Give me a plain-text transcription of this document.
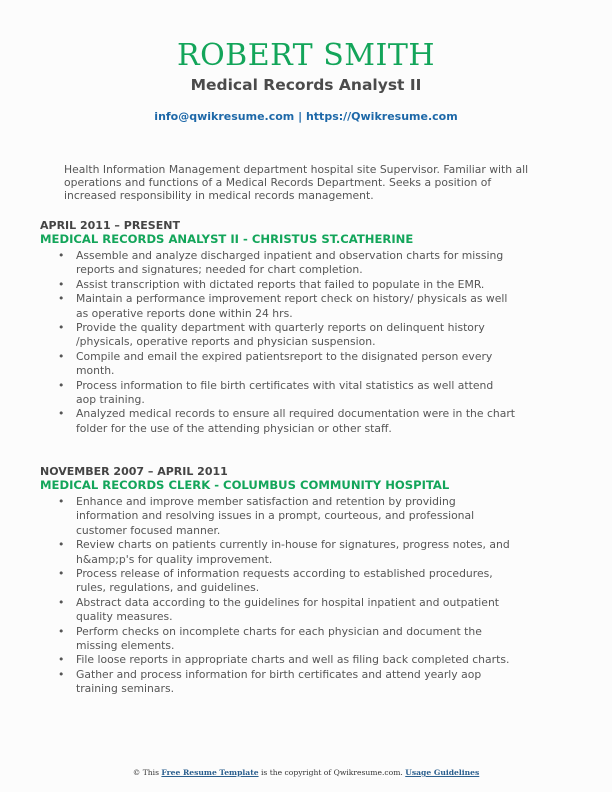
ROBERT SMITH
Medical Records Analyst II
info@qwikresume.com | https://Qwikresume.com
Health Information Management department hospital site Supervisor. Familiar with all operations and functions of a Medical Records Department. Seeks a position of increased responsibility in medical records management.
APRIL 2011 – PRESENT
MEDICAL RECORDS ANALYST II - CHRISTUS ST.CATHERINE
• Assemble and analyze discharged inpatient and observation charts for missing reports and signatures; needed for chart completion.
• Assist transcription with dictated reports that failed to populate in the EMR.
• Maintain a performance improvement report check on history/ physicals as well as operative reports done within 24 hrs.
• Provide the quality department with quarterly reports on delinquent history /physicals, operative reports and physician suspension.
• Compile and email the expired patientsreport to the disignated person every month.
• Process information to file birth certificates with vital statistics as well attend aop training.
• Analyzed medical records to ensure all required documentation were in the chart folder for the use of the attending physician or other staff.
NOVEMBER 2007 – APRIL 2011
MEDICAL RECORDS CLERK - COLUMBUS COMMUNITY HOSPITAL
• Enhance and improve member satisfaction and retention by providing information and resolving issues in a prompt, courteous, and professional customer focused manner.
• Review charts on patients currently in-house for signatures, progress notes, and h&amp;p's for quality improvement.
• Process release of information requests according to established procedures, rules, regulations, and guidelines.
• Abstract data according to the guidelines for hospital inpatient and outpatient quality measures.
• Perform checks on incomplete charts for each physician and document the missing elements.
• File loose reports in appropriate charts and well as filing back completed charts.
• Gather and process information for birth certificates and attend yearly aop training seminars.
© This Free Resume Template is the copyright of Qwikresume.com. Usage Guidelines
